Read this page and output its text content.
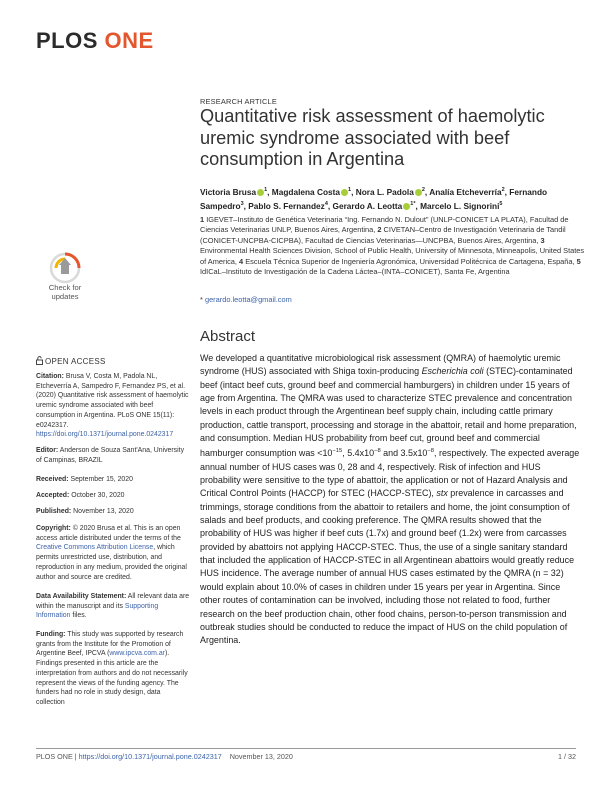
PLOS ONE
RESEARCH ARTICLE
Quantitative risk assessment of haemolytic uremic syndrome associated with beef consumption in Argentina
Victoria Brusa $^1$, Magdalena Costa $^1$, Nora L. Padola $^2$, Analía Etcheverría$^2$, Fernando Sampedro$^3$, Pablo S. Fernandez$^4$, Gerardo A. Leotta $^{1*}$, Marcelo L. Signorini$^5$
1 IGEVET–Instituto de Genética Veterinaria “Ing. Fernando N. Dulout” (UNLP-CONICET LA PLATA), Facultad de Ciencias Veterinarias UNLP, Buenos Aires, Argentina, 2 CIVETAN–Centro de Investigación Veterinaria de Tandil (CONICET-UNCPBA-CICPBA), Facultad de Ciencias Veterinarias—UNCPBA, Buenos Aires, Argentina, 3 Environmental Health Sciences Division, School of Public Health, University of Minnesota, Minneapolis, United States of America, 4 Escuela Técnica Superior de Ingeniería Agronómica, Universidad Politécnica de Cartagena, España, 5 IdICaL–Instituto de Investigación de la Cadena Láctea–(INTA–CONICET), Santa Fe, Argentina
* gerardo.leotta@gmail.com
Check for
updates
OPEN ACCESS
Citation: Brusa V, Costa M, Padola NL, Etcheverría A, Sampedro F, Fernandez PS, et al. (2020) Quantitative risk assessment of haemolytic uremic syndrome associated with beef consumption in Argentina. PLoS ONE 15(11): e0242317. https://doi.org/10.1371/journal.pone.0242317
Editor: Anderson de Souza Sant'Ana, University of Campinas, BRAZIL
Received: September 15, 2020
Accepted: October 30, 2020
Published: November 13, 2020
Copyright: © 2020 Brusa et al. This is an open access article distributed under the terms of the Creative Commons Attribution License, which permits unrestricted use, distribution, and reproduction in any medium, provided the original author and source are credited.
Data Availability Statement: All relevant data are within the manuscript and its Supporting Information files.
Funding: This study was supported by research grants from the Institute for the Promotion of Argentine Beef, IPCVA (www.ipcva.com.ar). Findings presented in this article are the interpretation from authors and do not necessarily represent the views of the funding agency. The funders had no role in study design, data collection
Abstract
We developed a quantitative microbiological risk assessment (QMRA) of haemolytic uremic syndrome (HUS) associated with Shiga toxin-producing Escherichia coli (STEC)-contaminated beef (intact beef cuts, ground beef and commercial hamburgers) in children under 15 years of age from Argentina. The QMRA was used to characterize STEC prevalence and concentration levels in each product through the Argentinean beef supply chain, including cattle primary production, cattle transport, processing and storage in the abattoir, retail and home preparation, and consumption. Median HUS probability from beef cut, ground beef and commercial hamburger consumption was $<10^{-15}$, $5.4x10^{-8}$ and $3.5x10^{-8}$, respectively. The expected average annual number of HUS cases was 0, 28 and 4, respectively. Risk of infection and HUS probability were sensitive to the type of abattoir, the application or not of Hazard Analysis and Critical Control Points (HACCP) for STEC (HACCP-STEC), stx prevalence in carcasses and trimmings, storage conditions from the abattoir to retailers and home, the joint consumption of salads and beef products, and cooking preference. The QMRA results showed that the probability of HUS was higher if beef cuts (1.7x) and ground beef (1.2x) were from carcasses provided by abattoirs not applying HACCP-STEC. Thus, the use of a single sanitary standard that included the application of HACCP-STEC in all Argentinean abattoirs would greatly reduce HUS incidence. The average number of annual HUS cases estimated by the QMRA (n = 32) would explain about 10.0% of cases in children under 15 years per year in Argentina. Since other routes of contamination can be involved, including those not related to food, further research on the beef production chain, other food chains, person-to-person transmission and outbreak studies should be conducted to reduce the impact of HUS on the child population of Argentina.
PLOS ONE | https://doi.org/10.1371/journal.pone.0242317 November 13, 2020	1 / 32
